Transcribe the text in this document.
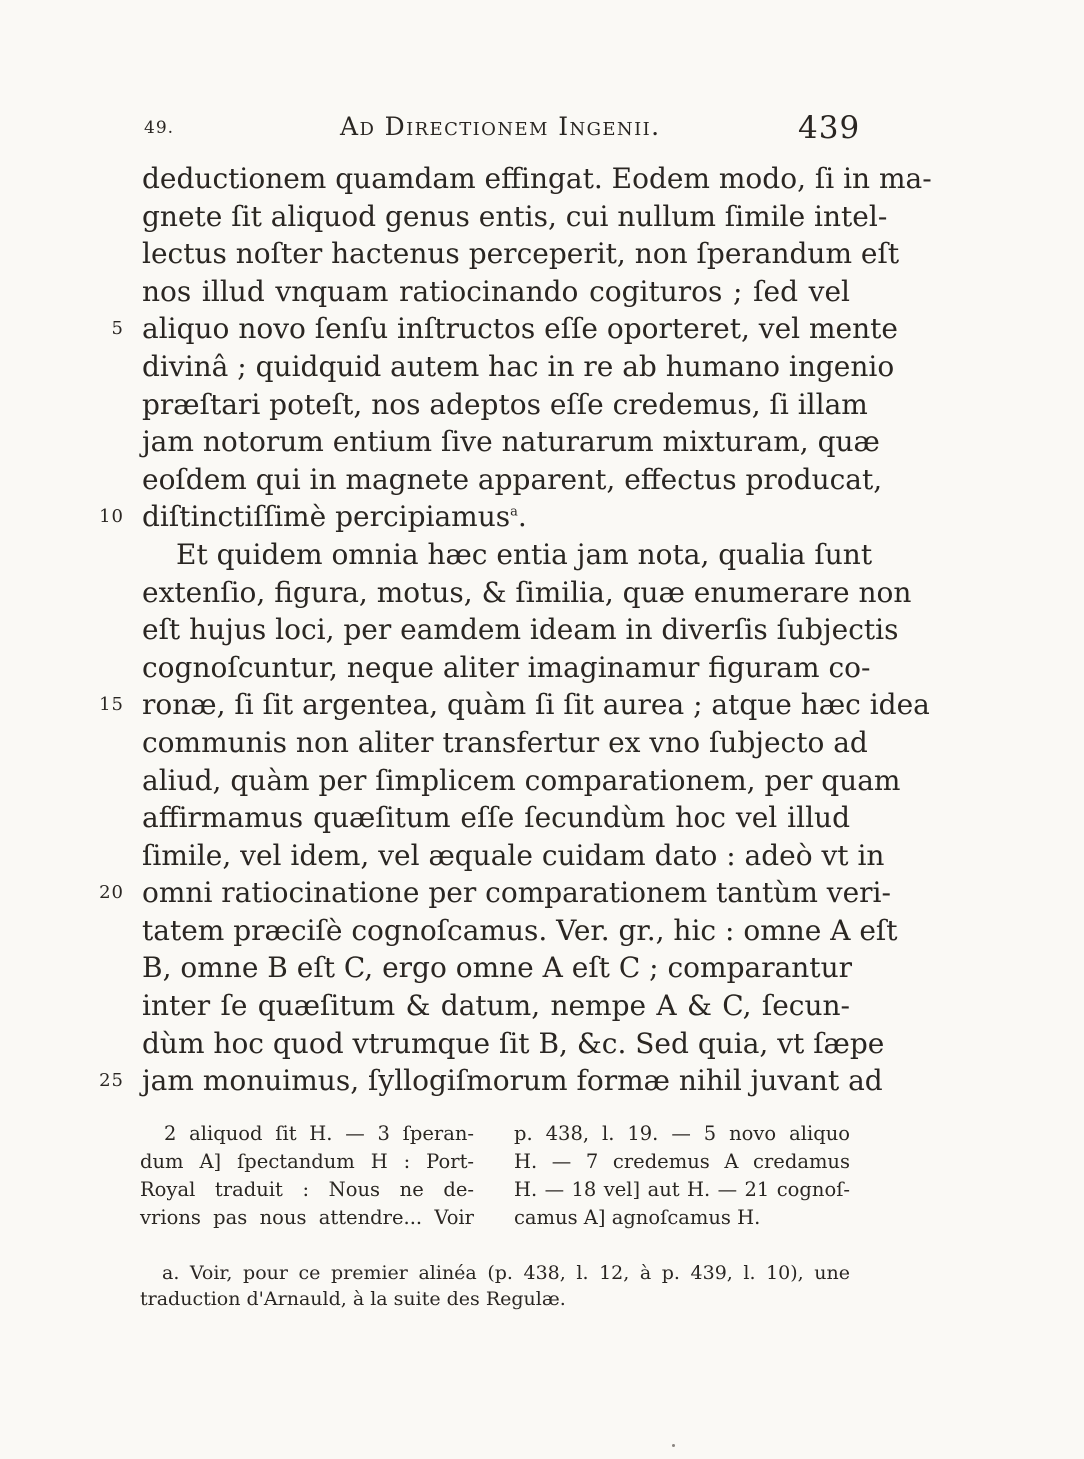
49.	Ad Directionem Ingenii.	439
5
10
15
20
25
deductionem quamdam effingat. Eodem modo, ſi in ma-
gnete ſit aliquod genus entis, cui nullum ſimile intel-
lectus noſter hactenus perceperit, non ſperandum eſt
nos illud vnquam ratiocinando cogituros ; ſed vel
aliquo novo ſenſu inſtructos eſſe oporteret, vel mente
divinâ ; quidquid autem hac in re ab humano ingenio
præſtari poteſt, nos adeptos eſſe credemus, ſi illam
jam notorum entium ſive naturarum mixturam, quæ
eoſdem qui in magnete apparent, effectus producat,
diſtinctiſſimè percipiamus$^a$.
Et quidem omnia hæc entia jam nota, qualia ſunt
extenſio, figura, motus, & ſimilia, quæ enumerare non
eſt hujus loci, per eamdem ideam in diverſis ſubjectis
cognoſcuntur, neque aliter imaginamur figuram co-
ronæ, ſi ſit argentea, quàm ſi ſit aurea ; atque hæc idea
communis non aliter transfertur ex vno ſubjecto ad
aliud, quàm per ſimplicem comparationem, per quam
affirmamus quæſitum eſſe ſecundùm hoc vel illud
ſimile, vel idem, vel æquale cuidam dato : adeò vt in
omni ratiocinatione per comparationem tantùm veri-
tatem præciſè cognoſcamus. Ver. gr., hic : omne A eſt
B, omne B eſt C, ergo omne A eſt C ; comparantur
inter ſe quæſitum & datum, nempe A & C, ſecun-
dùm hoc quod vtrumque ſit B, &c. Sed quia, vt ſæpe
jam monuimus, ſyllogiſmorum formæ nihil juvant ad
2 aliquod ſit H. — 3 ſperan-
dum A] ſpectandum H : Port-
Royal traduit : Nous ne de-
vrions pas nous attendre... Voir
p. 438, l. 19. — 5 novo aliquo
H. — 7 credemus A credamus
H. — 18 vel] aut H. — 21 cognoſ-
camus A] agnoſcamus H.
a. Voir, pour ce premier alinéa (p. 438, l. 12, à p. 439, l. 10), une
traduction d'Arnauld, à la suite des Regulæ.
